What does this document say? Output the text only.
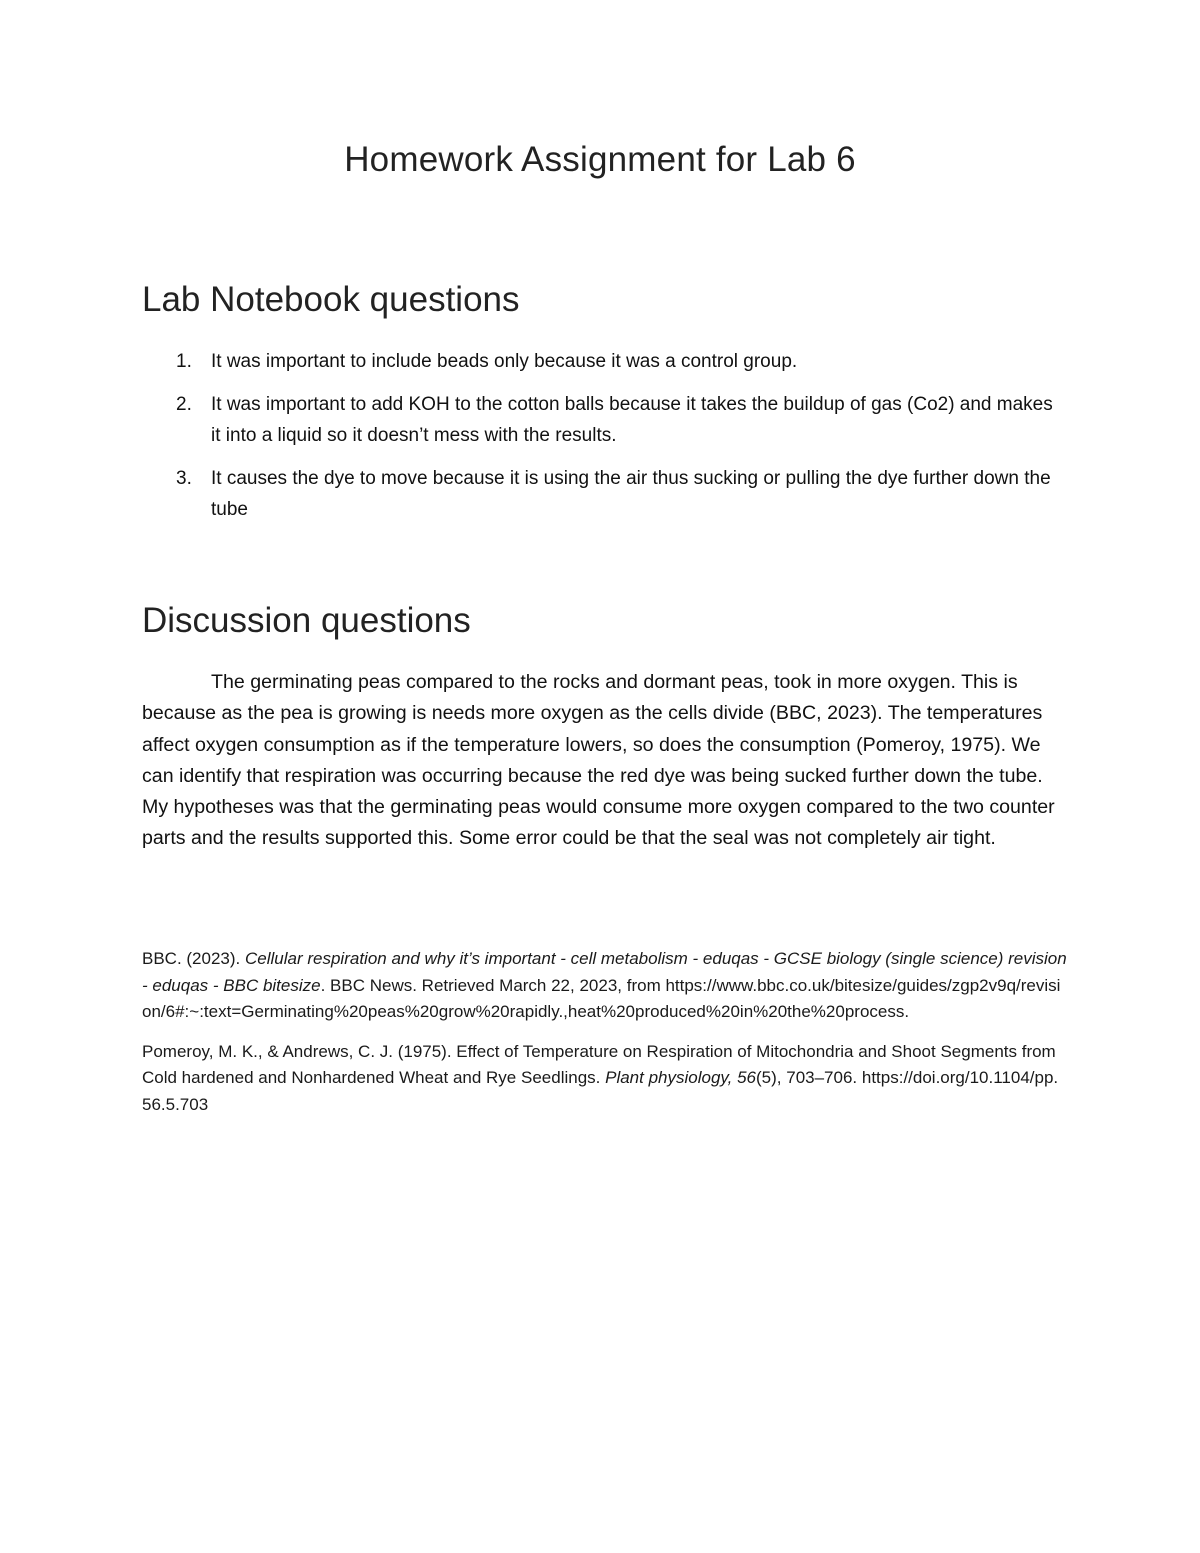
Homework Assignment for Lab 6
Lab Notebook questions
1. It was important to include beads only because it was a control group.
2. It was important to add KOH to the cotton balls because it takes the buildup of gas (Co2) and makes it into a liquid so it doesn’t mess with the results.
3. It causes the dye to move because it is using the air thus sucking or pulling the dye further down the tube
Discussion questions

The germinating peas compared to the rocks and dormant peas, took in more oxygen. This is because as the pea is growing is needs more oxygen as the cells divide (BBC, 2023). The temperatures affect oxygen consumption as if the temperature lowers, so does the consumption (Pomeroy, 1975). We can identify that respiration was occurring because the red dye was being sucked further down the tube. My hypotheses was that the germinating peas would consume more oxygen compared to the two counter parts and the results supported this. Some error could be that the seal was not completely air tight.

BBC. (2023). Cellular respiration and why it’s important - cell metabolism - eduqas - GCSE biology (single science) revision - eduqas - BBC bitesize. BBC News. Retrieved March 22, 2023, from https://www.bbc.co.uk/bitesize/guides/zgp2v9q/revision/6#:~:text=Germinating%20peas%20grow%20rapidly.,heat%20produced%20in%20the%20process.

Pomeroy, M. K., & Andrews, C. J. (1975). Effect of Temperature on Respiration of Mitochondria and Shoot Segments from Cold hardened and Nonhardened Wheat and Rye Seedlings. Plant physiology, 56(5), 703–706. https://doi.org/10.1104/pp.56.5.703
